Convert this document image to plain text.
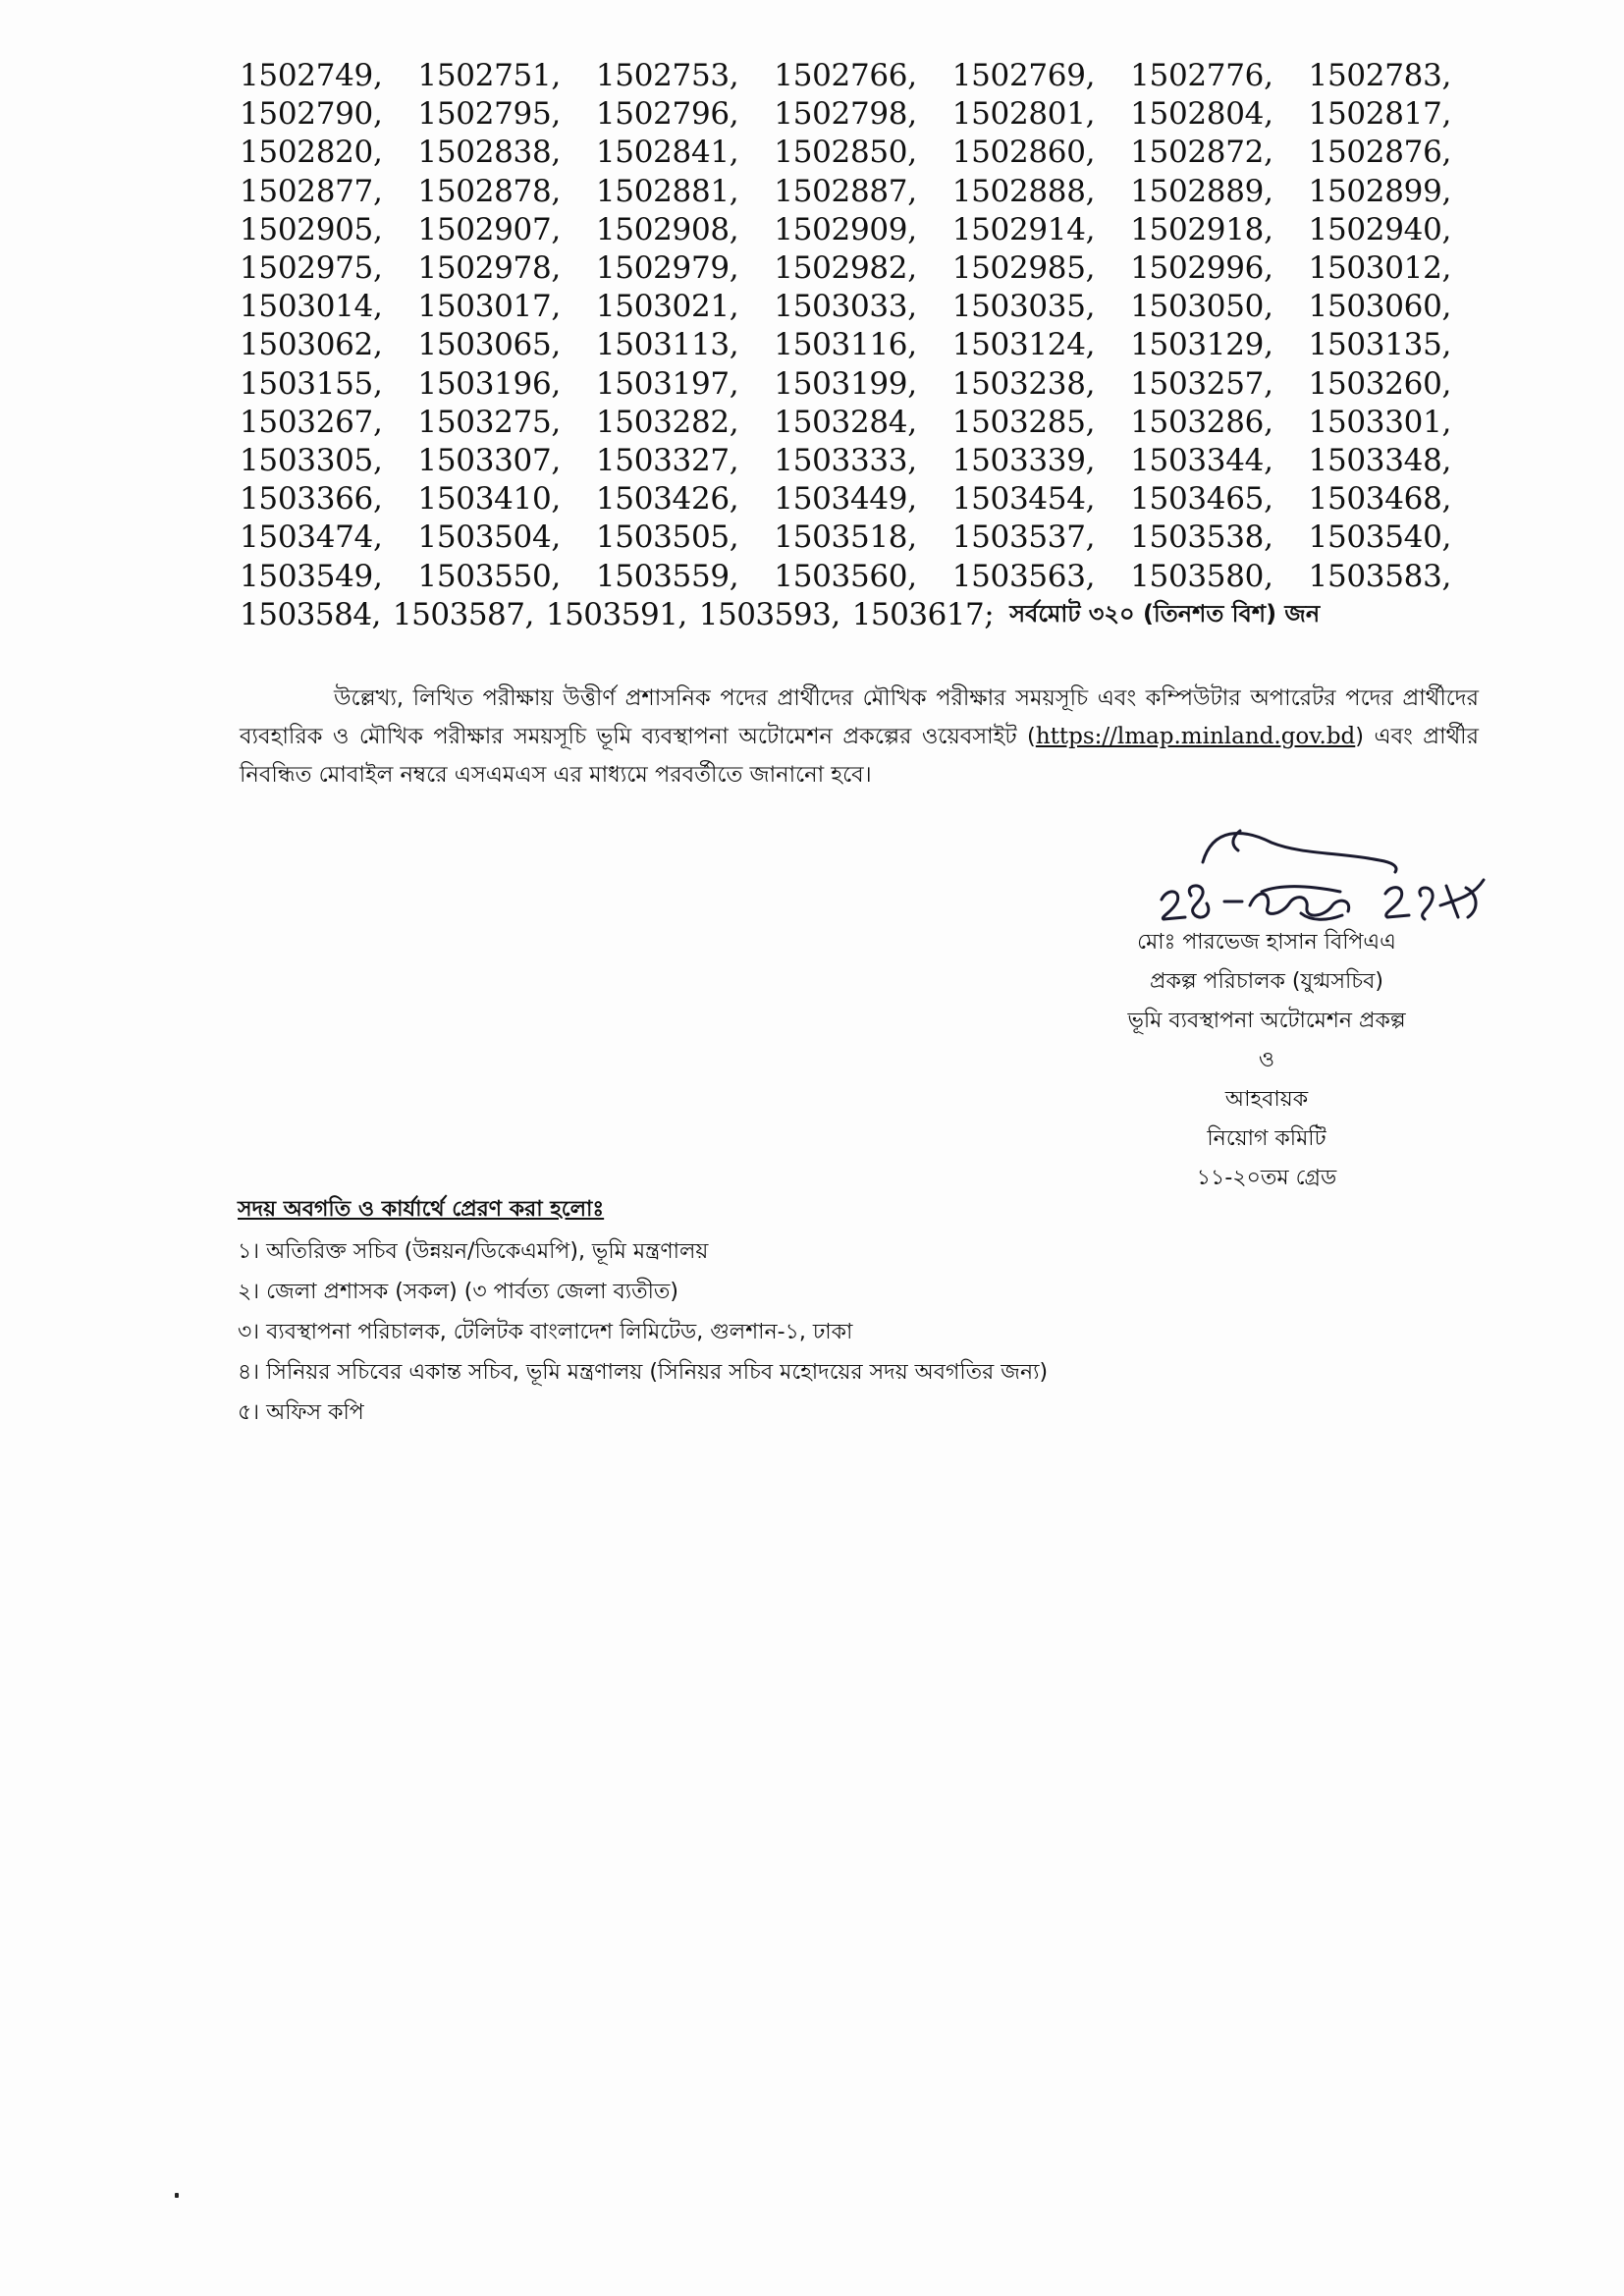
1502749,	1502751,	1502753,	1502766,	1502769,	1502776,	1502783,
1502790,	1502795,	1502796,	1502798,	1502801,	1502804,	1502817,
1502820,	1502838,	1502841,	1502850,	1502860,	1502872,	1502876,
1502877,	1502878,	1502881,	1502887,	1502888,	1502889,	1502899,
1502905,	1502907,	1502908,	1502909,	1502914,	1502918,	1502940,
1502975,	1502978,	1502979,	1502982,	1502985,	1502996,	1503012,
1503014,	1503017,	1503021,	1503033,	1503035,	1503050,	1503060,
1503062,	1503065,	1503113,	1503116,	1503124,	1503129,	1503135,
1503155,	1503196,	1503197,	1503199,	1503238,	1503257,	1503260,
1503267,	1503275,	1503282,	1503284,	1503285,	1503286,	1503301,
1503305,	1503307,	1503327,	1503333,	1503339,	1503344,	1503348,
1503366,	1503410,	1503426,	1503449,	1503454,	1503465,	1503468,
1503474,	1503504,	1503505,	1503518,	1503537,	1503538,	1503540,
1503549,	1503550,	1503559,	1503560,	1503563,	1503580,	1503583,
1503584, 1503587, 1503591, 1503593, 1503617; সর্বমোট ৩২০ (তিনশত বিশ) জন
উল্লেখ্য, লিখিত পরীক্ষায় উত্তীর্ণ প্রশাসনিক পদের প্রার্থীদের মৌখিক পরীক্ষার সময়সূচি এবং কম্পিউটার অপারেটর পদের প্রার্থীদের ব্যবহারিক ও মৌখিক পরীক্ষার সময়সূচি ভূমি ব্যবস্থাপনা অটোমেশন প্রকল্পের ওয়েবসাইট (https://lmap.minland.gov.bd) এবং প্রার্থীর নিবন্ধিত মোবাইল নম্বরে এসএমএস এর মাধ্যমে পরবর্তীতে জানানো হবে।
মোঃ পারভেজ হাসান বিপিএএ
প্রকল্প পরিচালক (যুগ্মসচিব)
ভূমি ব্যবস্থাপনা অটোমেশন প্রকল্প
ও
আহবায়ক
নিয়োগ কমিটি
১১-২০তম গ্রেড
সদয় অবগতি ও কার্যার্থে প্রেরণ করা হলোঃ
১। অতিরিক্ত সচিব (উন্নয়ন/ডিকেএমপি), ভূমি মন্ত্রণালয়
২। জেলা প্রশাসক (সকল) (৩ পার্বত্য জেলা ব্যতীত)
৩। ব্যবস্থাপনা পরিচালক, টেলিটক বাংলাদেশ লিমিটেড, গুলশান-১, ঢাকা
৪। সিনিয়র সচিবের একান্ত সচিব, ভূমি মন্ত্রণালয় (সিনিয়র সচিব মহোদয়ের সদয় অবগতির জন্য)
৫। অফিস কপি
